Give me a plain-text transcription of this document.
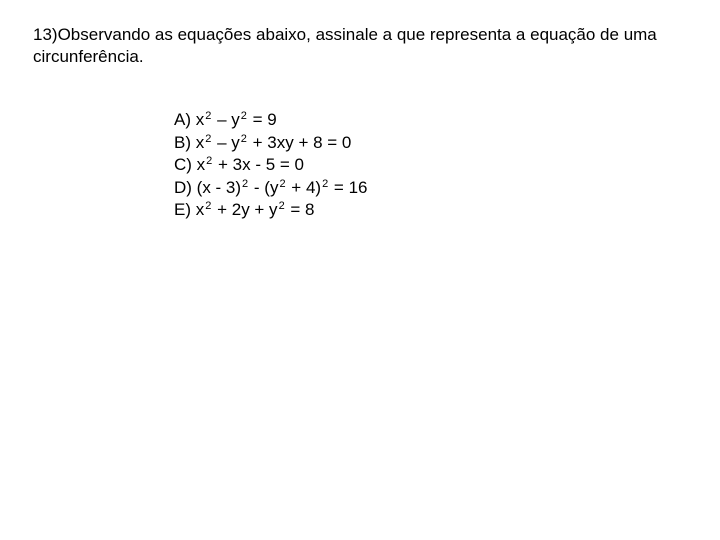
13)Observando as equações abaixo, assinale a que representa a equação de uma circunferência.

A) $x^2 - y^2 = 9$
B) $x^2 - y^2 + 3xy + 8 = 0$
C) $x^2 + 3x - 5 = 0$
D) $(x - 3)^2 - (y^2 + 4)^2 = 16$
E) $x^2 + 2y + y^2 = 8$
